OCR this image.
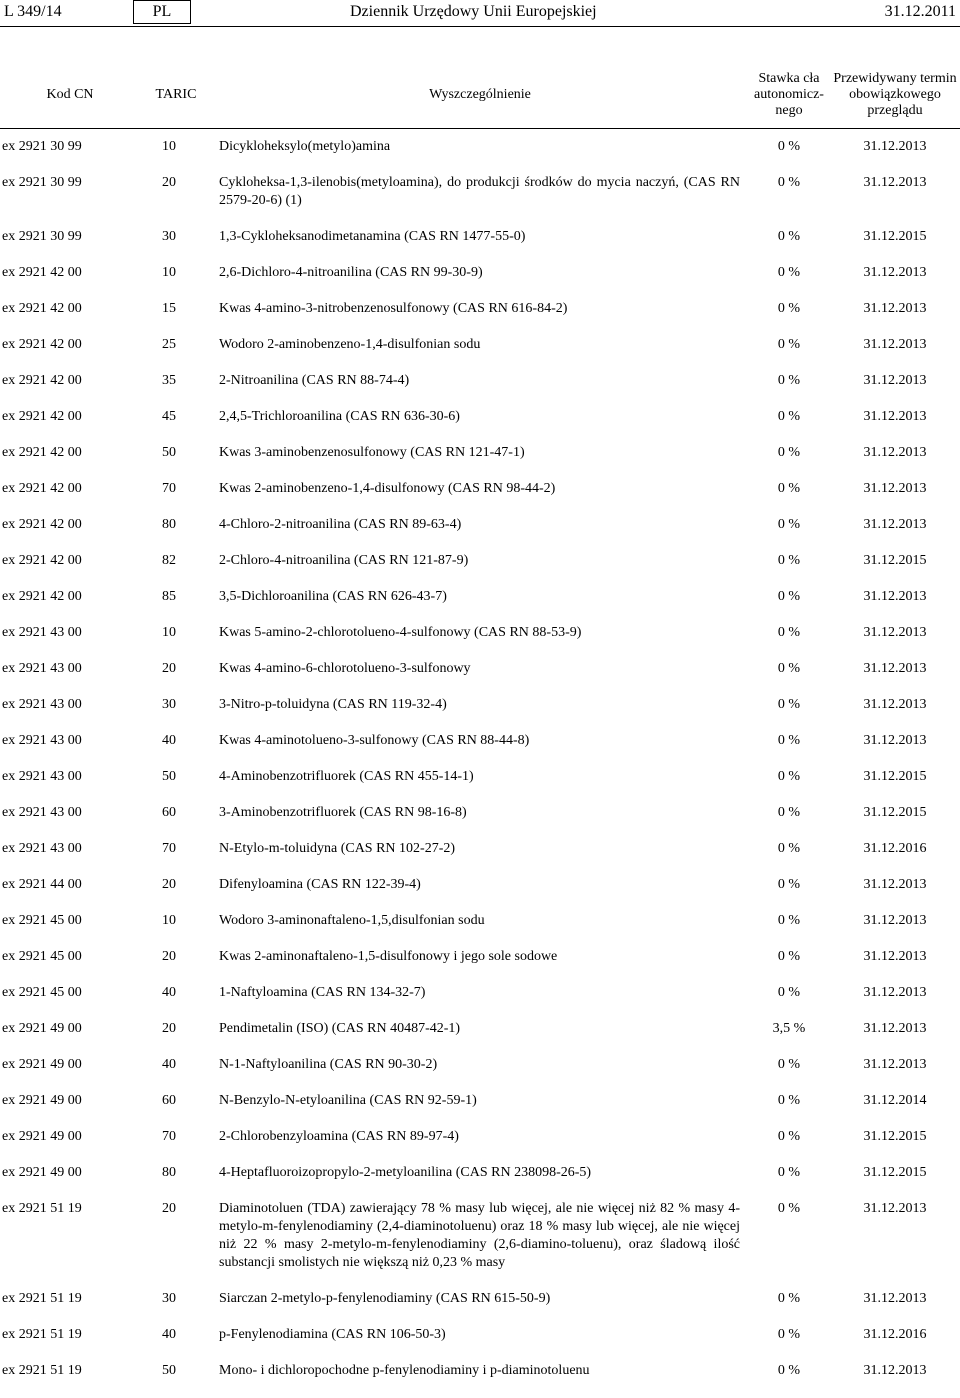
L 349/14	PL	Dziennik Urzędowy Unii Europejskiej	31.12.2011
Kod CN	TARIC	Wyszczególnienie	Stawka cła autonomicz-nego	Przewidywany termin obowiązkowego przeglądu
ex 2921 30 99	10	Dicykloheksylo(metylo)amina	0 %	31.12.2013
ex 2921 30 99	20	Cykloheksa-1,3-ilenobis(metyloamina), do produkcji środków do mycia naczyń, (CAS RN 2579-20-6) (1)	0 %	31.12.2013
ex 2921 30 99	30	1,3-Cykloheksanodimetanamina (CAS RN 1477-55-0)	0 %	31.12.2015
ex 2921 42 00	10	2,6-Dichloro-4-nitroanilina (CAS RN 99-30-9)	0 %	31.12.2013
ex 2921 42 00	15	Kwas 4-amino-3-nitrobenzenosulfonowy (CAS RN 616-84-2)	0 %	31.12.2013
ex 2921 42 00	25	Wodoro 2-aminobenzeno-1,4-disulfonian sodu	0 %	31.12.2013
ex 2921 42 00	35	2-Nitroanilina (CAS RN 88-74-4)	0 %	31.12.2013
ex 2921 42 00	45	2,4,5-Trichloroanilina (CAS RN 636-30-6)	0 %	31.12.2013
ex 2921 42 00	50	Kwas 3-aminobenzenosulfonowy (CAS RN 121-47-1)	0 %	31.12.2013
ex 2921 42 00	70	Kwas 2-aminobenzeno-1,4-disulfonowy (CAS RN 98-44-2)	0 %	31.12.2013
ex 2921 42 00	80	4-Chloro-2-nitroanilina (CAS RN 89-63-4)	0 %	31.12.2013
ex 2921 42 00	82	2-Chloro-4-nitroanilina (CAS RN 121-87-9)	0 %	31.12.2015
ex 2921 42 00	85	3,5-Dichloroanilina (CAS RN 626-43-7)	0 %	31.12.2013
ex 2921 43 00	10	Kwas 5-amino-2-chlorotolueno-4-sulfonowy (CAS RN 88-53-9)	0 %	31.12.2013
ex 2921 43 00	20	Kwas 4-amino-6-chlorotolueno-3-sulfonowy	0 %	31.12.2013
ex 2921 43 00	30	3-Nitro-p-toluidyna (CAS RN 119-32-4)	0 %	31.12.2013
ex 2921 43 00	40	Kwas 4-aminotolueno-3-sulfonowy (CAS RN 88-44-8)	0 %	31.12.2013
ex 2921 43 00	50	4-Aminobenzotrifluorek (CAS RN 455-14-1)	0 %	31.12.2015
ex 2921 43 00	60	3-Aminobenzotrifluorek (CAS RN 98-16-8)	0 %	31.12.2015
ex 2921 43 00	70	N-Etylo-m-toluidyna (CAS RN 102-27-2)	0 %	31.12.2016
ex 2921 44 00	20	Difenyloamina (CAS RN 122-39-4)	0 %	31.12.2013
ex 2921 45 00	10	Wodoro 3-aminonaftaleno-1,5,disulfonian sodu	0 %	31.12.2013
ex 2921 45 00	20	Kwas 2-aminonaftaleno-1,5-disulfonowy i jego sole sodowe	0 %	31.12.2013
ex 2921 45 00	40	1-Naftyloamina (CAS RN 134-32-7)	0 %	31.12.2013
ex 2921 49 00	20	Pendimetalin (ISO) (CAS RN 40487-42-1)	3,5 %	31.12.2013
ex 2921 49 00	40	N-1-Naftyloanilina (CAS RN 90-30-2)	0 %	31.12.2013
ex 2921 49 00	60	N-Benzylo-N-etyloanilina (CAS RN 92-59-1)	0 %	31.12.2014
ex 2921 49 00	70	2-Chlorobenzyloamina (CAS RN 89-97-4)	0 %	31.12.2015
ex 2921 49 00	80	4-Heptafluoroizopropylo-2-metyloanilina (CAS RN 238098-26-5)	0 %	31.12.2015
ex 2921 51 19	20	Diaminotoluen (TDA) zawierający 78 % masy lub więcej, ale nie więcej niż 82 % masy 4-metylo-m-fenylenodiaminy (2,4-diaminotoluenu) oraz 18 % masy lub więcej, ale nie więcej niż 22 % masy 2-metylo-m-fenylenodiaminy (2,6-diamino-toluenu), oraz śladową ilość substancji smolistych nie większą niż 0,23 % masy	0 %	31.12.2013
ex 2921 51 19	30	Siarczan 2-metylo-p-fenylenodiaminy (CAS RN 615-50-9)	0 %	31.12.2013
ex 2921 51 19	40	p-Fenylenodiamina (CAS RN 106-50-3)	0 %	31.12.2016
ex 2921 51 19	50	Mono- i dichloropochodne p-fenylenodiaminy i p-diaminotoluenu	0 %	31.12.2013
